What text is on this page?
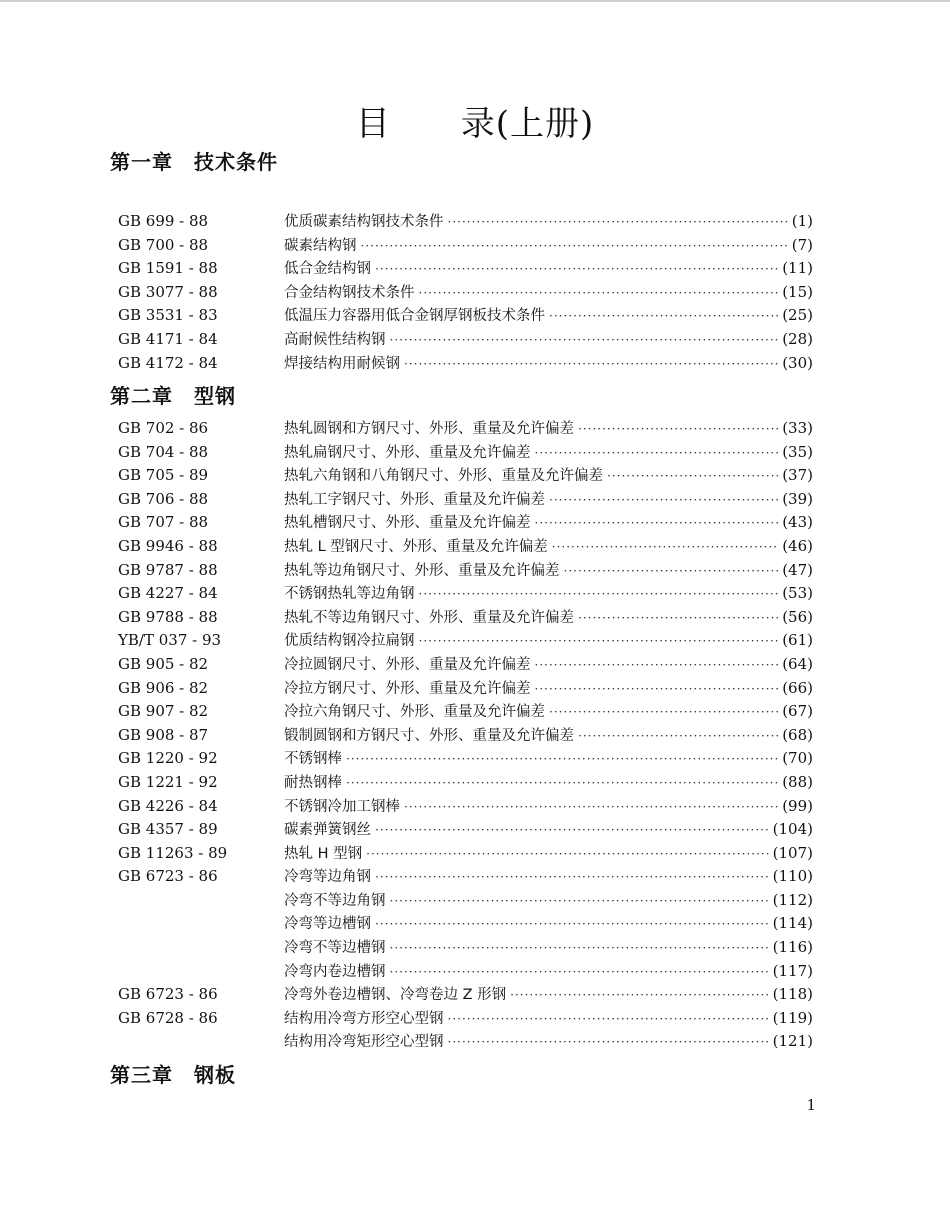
目　　录(上册)
第一章　技术条件
GB 699 - 88	优质碳素结构钢技术条件 ·····	(1)
GB 700 - 88	碳素结构钢 ·····	(7)
GB 1591 - 88	低合金结构钢 ·····	(11)
GB 3077 - 88	合金结构钢技术条件 ·····	(15)
GB 3531 - 83	低温压力容器用低合金钢厚钢板技术条件 ·····	(25)
GB 4171 - 84	高耐候性结构钢 ·····	(28)
GB 4172 - 84	焊接结构用耐候钢 ·····	(30)
第二章　型钢
GB 702 - 86	热轧圆钢和方钢尺寸、外形、重量及允许偏差 ·····	(33)
GB 704 - 88	热轧扁钢尺寸、外形、重量及允许偏差 ·····	(35)
GB 705 - 89	热轧六角钢和八角钢尺寸、外形、重量及允许偏差 ·····	(37)
GB 706 - 88	热轧工字钢尺寸、外形、重量及允许偏差 ·····	(39)
GB 707 - 88	热轧槽钢尺寸、外形、重量及允许偏差 ·····	(43)
GB 9946 - 88	热轧 L 型钢尺寸、外形、重量及允许偏差 ·····	(46)
GB 9787 - 88	热轧等边角钢尺寸、外形、重量及允许偏差 ·····	(47)
GB 4227 - 84	不锈钢热轧等边角钢 ·····	(53)
GB 9788 - 88	热轧不等边角钢尺寸、外形、重量及允许偏差 ·····	(56)
YB/T 037 - 93	优质结构钢冷拉扁钢 ·····	(61)
GB 905 - 82	冷拉圆钢尺寸、外形、重量及允许偏差 ·····	(64)
GB 906 - 82	冷拉方钢尺寸、外形、重量及允许偏差 ·····	(66)
GB 907 - 82	冷拉六角钢尺寸、外形、重量及允许偏差 ·····	(67)
GB 908 - 87	锻制圆钢和方钢尺寸、外形、重量及允许偏差 ·····	(68)
GB 1220 - 92	不锈钢棒 ·····	(70)
GB 1221 - 92	耐热钢棒 ·····	(88)
GB 4226 - 84	不锈钢冷加工钢棒 ·····	(99)
GB 4357 - 89	碳素弹簧钢丝 ·····	(104)
GB 11263 - 89	热轧 H 型钢 ·····	(107)
GB 6723 - 86	冷弯等边角钢 ·····	(110)
冷弯不等边角钢 ·····	(112)
冷弯等边槽钢 ·····	(114)
冷弯不等边槽钢 ·····	(116)
冷弯内卷边槽钢 ·····	(117)
GB 6723 - 86	冷弯外卷边槽钢、冷弯卷边 Z 形钢 ·····	(118)
GB 6728 - 86	结构用冷弯方形空心型钢 ·····	(119)
结构用冷弯矩形空心型钢 ·····	(121)
第三章　钢板
1
